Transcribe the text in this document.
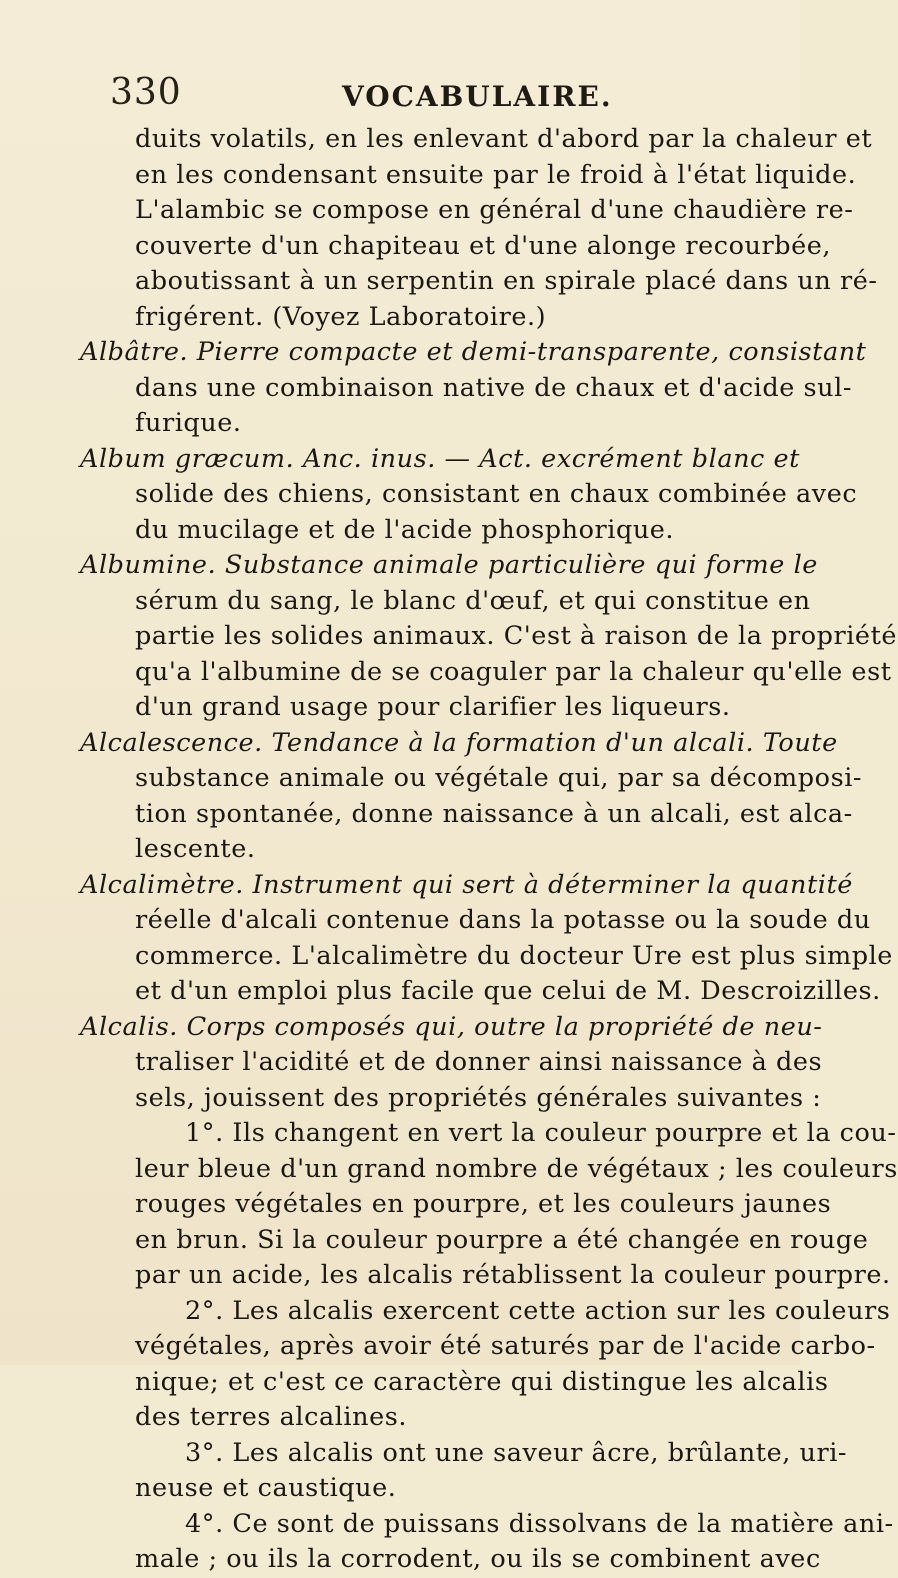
330	VOCABULAIRE.
duits volatils, en les enlevant d'abord par la chaleur et
en les condensant ensuite par le froid à l'état liquide.
L'alambic se compose en général d'une chaudière re-
couverte d'un chapiteau et d'une alonge recourbée,
aboutissant à un serpentin en spirale placé dans un ré-
frigérent. (Voyez Laboratoire.)
Albâtre. Pierre compacte et demi-transparente, consistant
dans une combinaison native de chaux et d'acide sul-
furique.
Album græcum. Anc. inus. — Act. excrément blanc et
solide des chiens, consistant en chaux combinée avec
du mucilage et de l'acide phosphorique.
Albumine. Substance animale particulière qui forme le
sérum du sang, le blanc d'œuf, et qui constitue en
partie les solides animaux. C'est à raison de la propriété
qu'a l'albumine de se coaguler par la chaleur qu'elle est
d'un grand usage pour clarifier les liqueurs.
Alcalescence. Tendance à la formation d'un alcali. Toute
substance animale ou végétale qui, par sa décomposi-
tion spontanée, donne naissance à un alcali, est alca-
lescente.
Alcalimètre. Instrument qui sert à déterminer la quantité
réelle d'alcali contenue dans la potasse ou la soude du
commerce. L'alcalimètre du docteur Ure est plus simple
et d'un emploi plus facile que celui de M. Descroizilles.
Alcalis. Corps composés qui, outre la propriété de neu-
traliser l'acidité et de donner ainsi naissance à des
sels, jouissent des propriétés générales suivantes :
1°. Ils changent en vert la couleur pourpre et la cou-
leur bleue d'un grand nombre de végétaux ; les couleurs
rouges végétales en pourpre, et les couleurs jaunes
en brun. Si la couleur pourpre a été changée en rouge
par un acide, les alcalis rétablissent la couleur pourpre.
2°. Les alcalis exercent cette action sur les couleurs
végétales, après avoir été saturés par de l'acide carbo-
nique; et c'est ce caractère qui distingue les alcalis
des terres alcalines.
3°. Les alcalis ont une saveur âcre, brûlante, uri-
neuse et caustique.
4°. Ce sont de puissans dissolvans de la matière ani-
male ; ou ils la corrodent, ou ils se combinent avec
